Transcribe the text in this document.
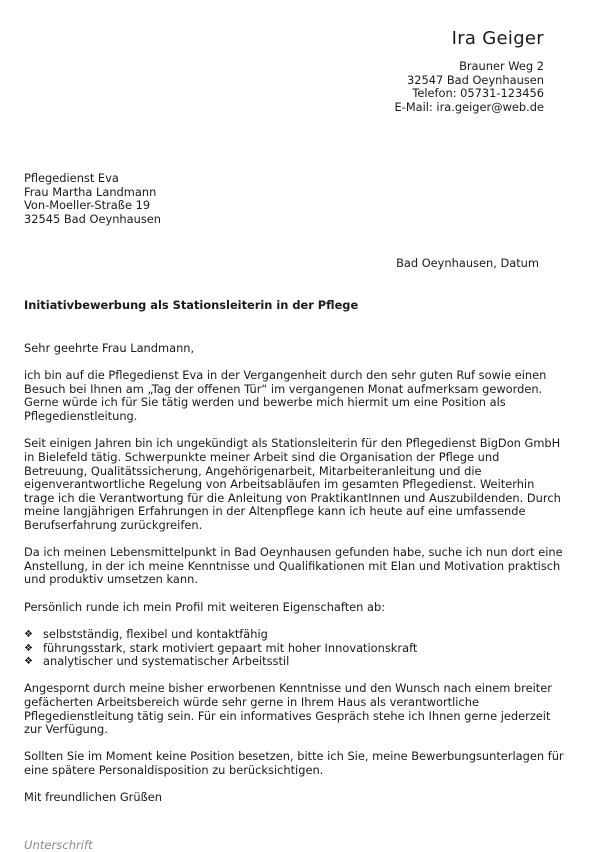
Ira Geiger
Brauner Weg 2
32547 Bad Oeynhausen
Telefon: 05731-123456
E-Mail: ira.geiger@web.de
Pflegedienst Eva
Frau Martha Landmann
Von-Moeller-Straße 19
32545 Bad Oeynhausen
Bad Oeynhausen, Datum
Initiativbewerbung als Stationsleiterin in der Pflege

Sehr geehrte Frau Landmann,

ich bin auf die Pflegedienst Eva in der Vergangenheit durch den sehr guten Ruf sowie einen Besuch bei Ihnen am „Tag der offenen Tür“ im vergangenen Monat aufmerksam geworden. Gerne würde ich für Sie tätig werden und bewerbe mich hiermit um eine Position als Pflegedienstleitung.

Seit einigen Jahren bin ich ungekündigt als Stationsleiterin für den Pflegedienst BigDon GmbH in Bielefeld tätig. Schwerpunkte meiner Arbeit sind die Organisation der Pflege und Betreuung, Qualitätssicherung, Angehörigenarbeit, Mitarbeiteranleitung und die eigenverantwortliche Regelung von Arbeitsabläufen im gesamten Pflegedienst. Weiterhin trage ich die Verantwortung für die Anleitung von PraktikantInnen und Auszubildenden. Durch meine langjährigen Erfahrungen in der Altenpflege kann ich heute auf eine umfassende Berufserfahrung zurückgreifen.

Da ich meinen Lebensmittelpunkt in Bad Oeynhausen gefunden habe, suche ich nun dort eine Anstellung, in der ich meine Kenntnisse und Qualifikationen mit Elan und Motivation praktisch und produktiv umsetzen kann.

Persönlich runde ich mein Profil mit weiteren Eigenschaften ab:

❖ selbstständig, flexibel und kontaktfähig
❖ führungsstark, stark motiviert gepaart mit hoher Innovationskraft
❖ analytischer und systematischer Arbeitsstil

Angespornt durch meine bisher erworbenen Kenntnisse und den Wunsch nach einem breiter gefächerten Arbeitsbereich würde sehr gerne in Ihrem Haus als verantwortliche Pflegedienstleitung tätig sein. Für ein informatives Gespräch stehe ich Ihnen gerne jederzeit zur Verfügung.

Sollten Sie im Moment keine Position besetzen, bitte ich Sie, meine Bewerbungsunterlagen für eine spätere Personaldisposition zu berücksichtigen.

Mit freundlichen Grüßen

Unterschrift
